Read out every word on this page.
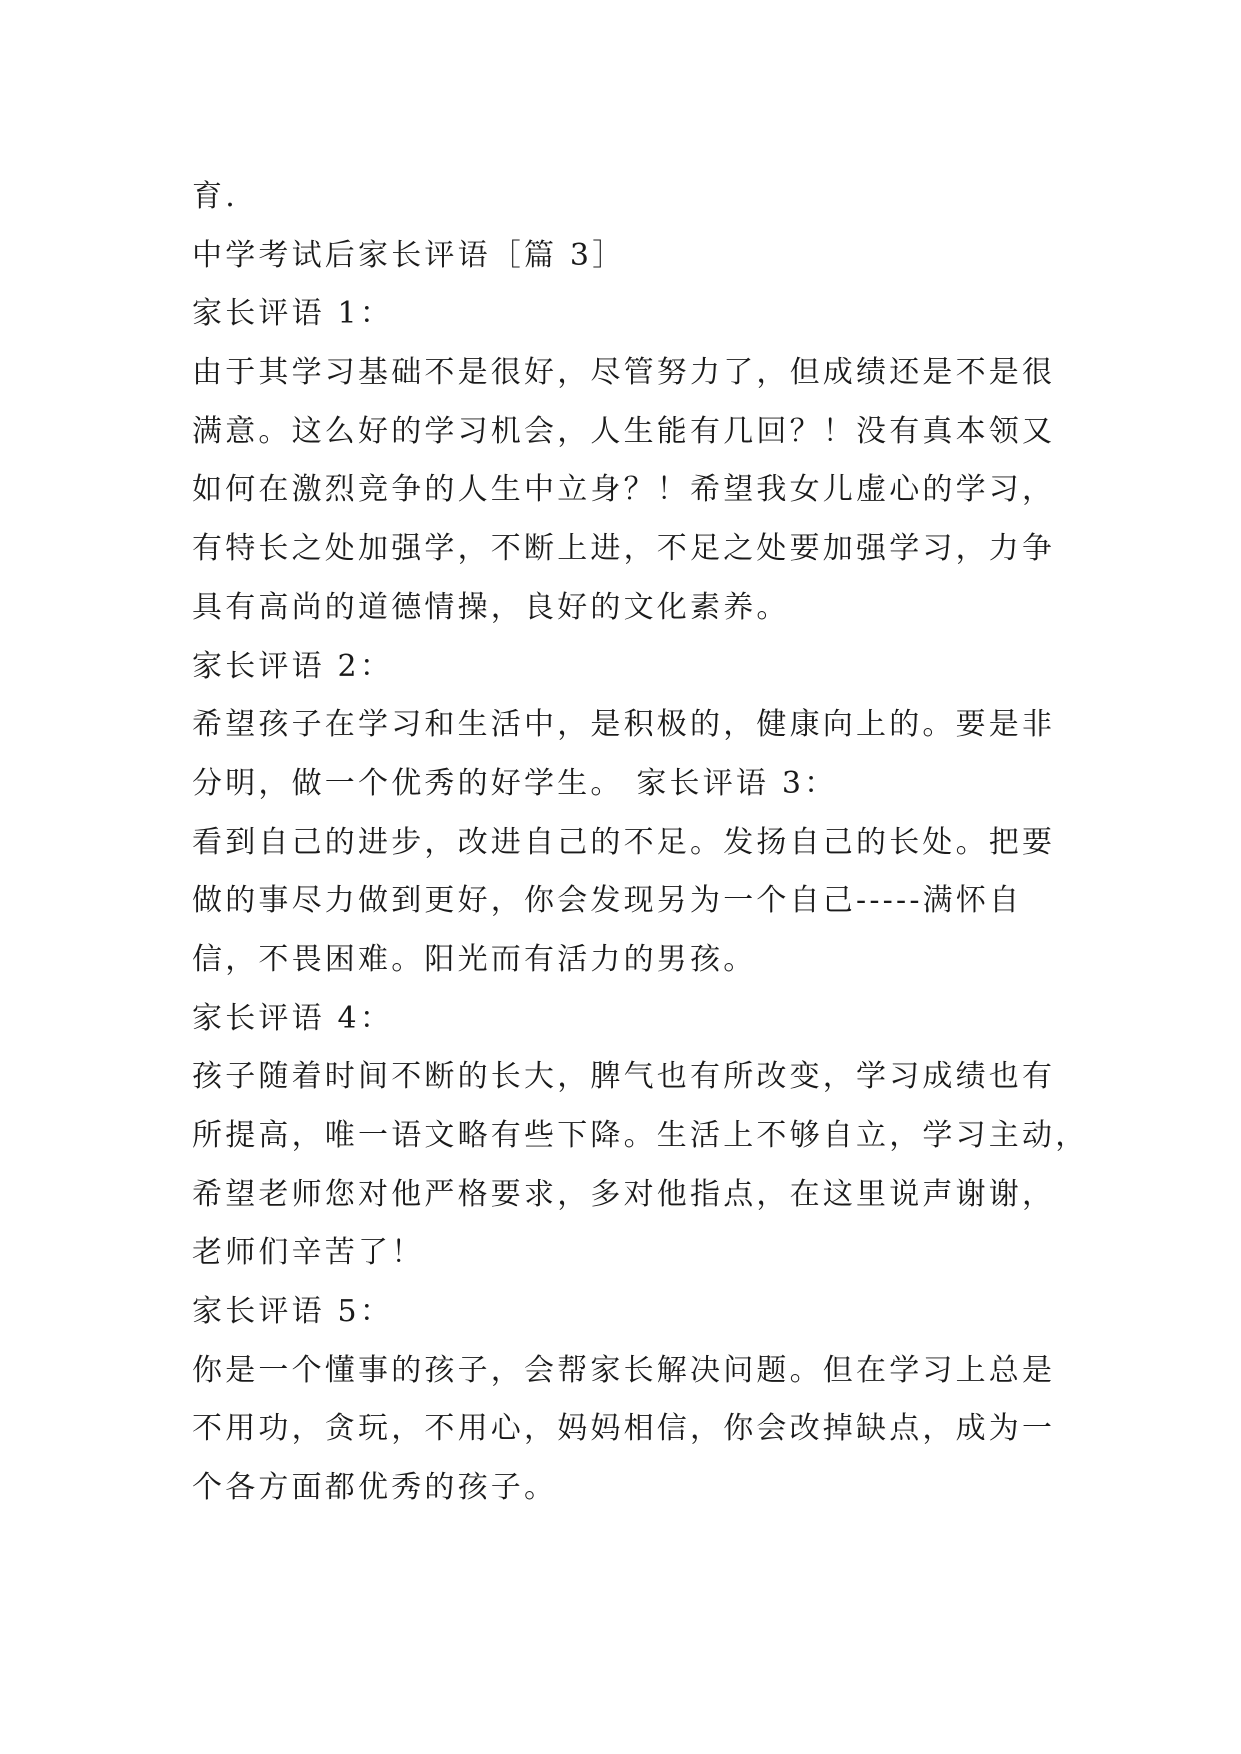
育.
中学考试后家长评语［篇 3］
家长评语 1：
由于其学习基础不是很好，尽管努力了，但成绩还是不是很
满意。这么好的学习机会，人生能有几回？！没有真本领又
如何在激烈竞争的人生中立身？！希望我女儿虚心的学习，
有特长之处加强学，不断上进，不足之处要加强学习，力争
具有高尚的道德情操，良好的文化素养。
家长评语 2：
希望孩子在学习和生活中，是积极的，健康向上的。要是非
分明，做一个优秀的好学生。 家长评语 3：
看到自己的进步，改进自己的不足。发扬自己的长处。把要
做的事尽力做到更好，你会发现另为一个自己-----满怀自
信，不畏困难。阳光而有活力的男孩。
家长评语 4：
孩子随着时间不断的长大，脾气也有所改变，学习成绩也有
所提高，唯一语文略有些下降。生活上不够自立，学习主动，
希望老师您对他严格要求，多对他指点，在这里说声谢谢，
老师们辛苦了！
家长评语 5：
你是一个懂事的孩子，会帮家长解决问题。但在学习上总是
不用功，贪玩，不用心，妈妈相信，你会改掉缺点，成为一
个各方面都优秀的孩子。
